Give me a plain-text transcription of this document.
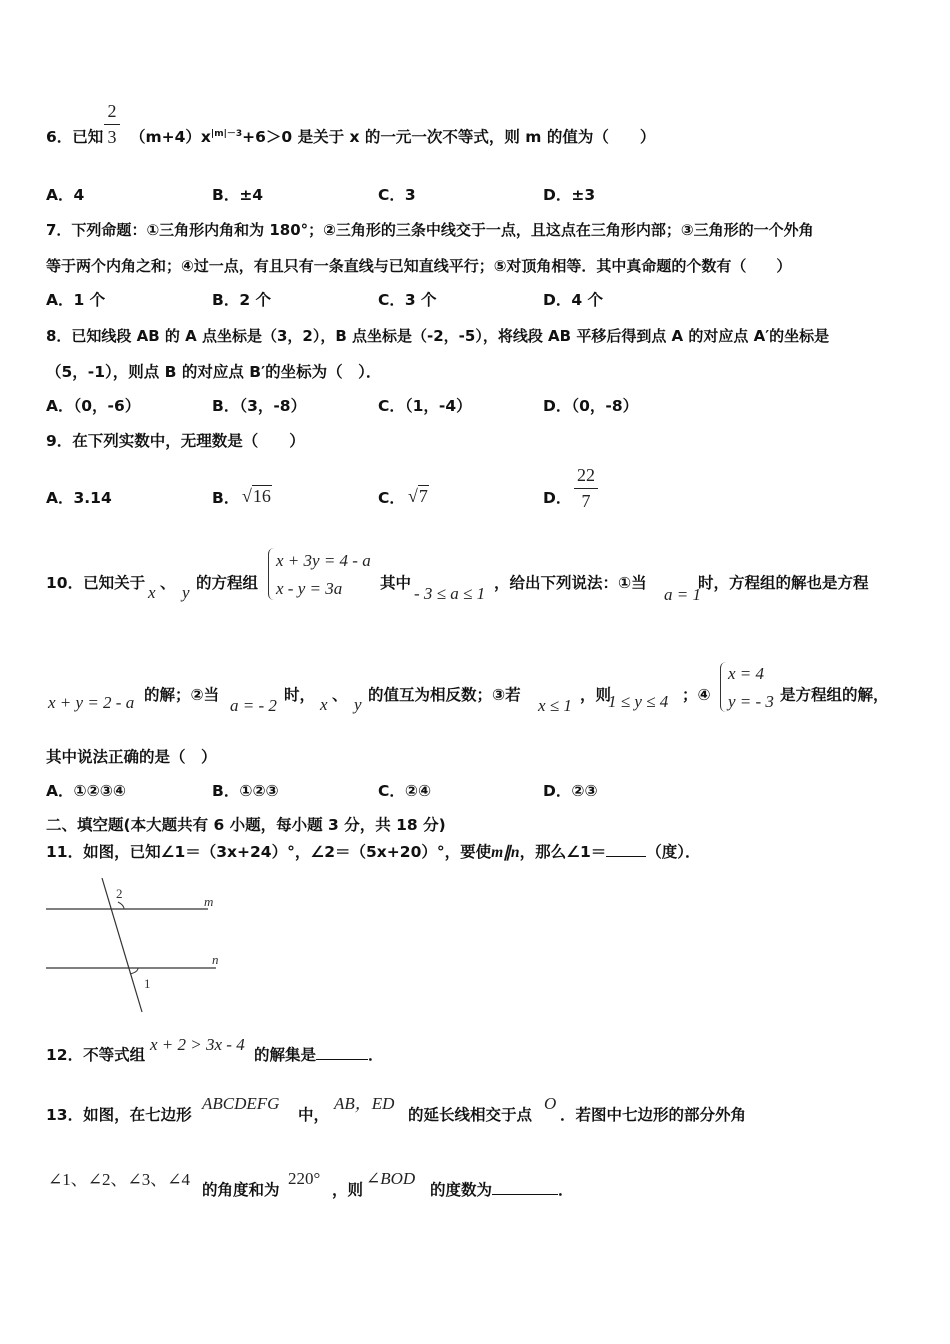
2
3
6．已知 $(m+4)x^{|m|-3}+6>0$ 是关于 x 的一元一次不等式，则 m 的值为（　　）
A．4	B．±4	C．3	D．±3
7．下列命题：①三角形内角和为 180°；②三角形的三条中线交于一点，且这点在三角形内部；③三角形的一个外角
等于两个内角之和；④过一点，有且只有一条直线与已知直线平行；⑤对顶角相等．其中真命题的个数有（　　）
A．1 个	B．2 个	C．3 个	D．4 个
8．已知线段 AB 的 A 点坐标是（3，2），B 点坐标是（-2，-5），将线段 AB 平移后得到点 A 的对应点 A′的坐标是
（5，-1），则点 B 的对应点 B′的坐标为（　）．
A．（0，-6）	B．（3，-8）	C．（1，-4）	D．（0，-8）
9．在下列实数中，无理数是（　　）
A．3.14	B． √16	C． √7	D．
22
7
10．已知关于 x 、 y 的方程组
x + 3y = 4 - a
x - y = 3a 其中
- 3 ≤ a ≤ 1
，给出下列说法：①当
a = 1
时，方程组的解也是方程
x + y = 2 - a 的解；②当
a = - 2
时， x 、 y 的值互为相反数；③若
x ≤ 1
，则
1 ≤ y ≤ 4 ；④
x = 4
y = - 3 是方程组的解，
其中说法正确的是（　）
A．①②③④	B．①②③	C．②④	D．②③
二、填空题(本大题共有 6 小题，每小题 3 分，共 18 分)
11．如图，已知∠1＝（3x+24）°，∠2＝（5x+20）°，要使m∥n，那么∠1＝	（度）．
m
n
2
1
12．不等式组
x + 2 > 3x - 4
的解集是	．
13．如图，在七边形
ABCDEFG
中，
AB，ED
的延长线相交于点
O
．若图中七边形的部分外角
∠1、∠2、∠3、∠4
的角度和为
220°
，则
∠BOD
的度数为	．
